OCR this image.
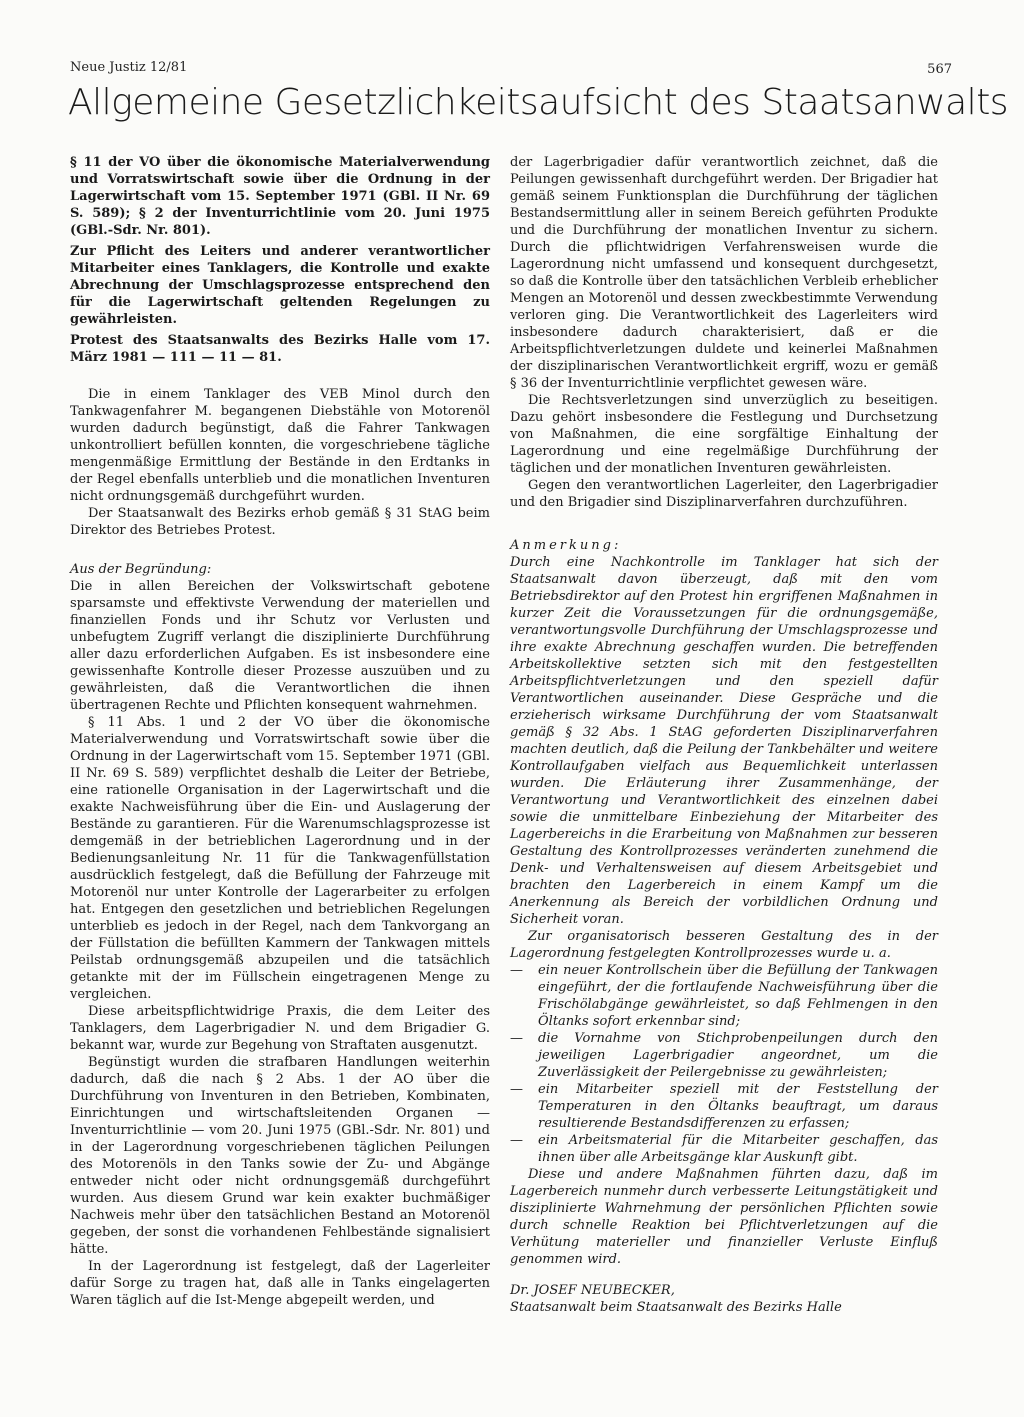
Neue Justiz 12/81	567
Allgemeine Gesetzlichkeitsaufsicht des Staatsanwalts

§ 11 der VO über die ökonomische Materialverwendung und Vorratswirtschaft sowie über die Ordnung in der Lagerwirtschaft vom 15. September 1971 (GBl. II Nr. 69 S. 589); § 2 der Inventurrichtlinie vom 20. Juni 1975 (GBl.-Sdr. Nr. 801).

Zur Pflicht des Leiters und anderer verantwortlicher Mitarbeiter eines Tanklagers, die Kontrolle und exakte Abrechnung der Umschlagsprozesse entsprechend den für die Lagerwirtschaft geltenden Regelungen zu gewährleisten.

Protest des Staatsanwalts des Bezirks Halle vom 17. März 1981 — 111 — 11 — 81.

Die in einem Tanklager des VEB Minol durch den Tankwagenfahrer M. begangenen Diebstähle von Motorenöl wurden dadurch begünstigt, daß die Fahrer Tankwagen unkontrolliert befüllen konnten, die vorgeschriebene tägliche mengenmäßige Ermittlung der Bestände in den Erdtanks in der Regel ebenfalls unterblieb und die monatlichen Inventuren nicht ordnungsgemäß durchgeführt wurden.

Der Staatsanwalt des Bezirks erhob gemäß § 31 StAG beim Direktor des Betriebes Protest.

Aus der Begründung:

Die in allen Bereichen der Volkswirtschaft gebotene sparsamste und effektivste Verwendung der materiellen und finanziellen Fonds und ihr Schutz vor Verlusten und unbefugtem Zugriff verlangt die disziplinierte Durchführung aller dazu erforderlichen Aufgaben. Es ist insbesondere eine gewissenhafte Kontrolle dieser Prozesse auszuüben und zu gewährleisten, daß die Verantwortlichen die ihnen übertragenen Rechte und Pflichten konsequent wahrnehmen.

§ 11 Abs. 1 und 2 der VO über die ökonomische Materialverwendung und Vorratswirtschaft sowie über die Ordnung in der Lagerwirtschaft vom 15. September 1971 (GBl. II Nr. 69 S. 589) verpflichtet deshalb die Leiter der Betriebe, eine rationelle Organisation in der Lagerwirtschaft und die exakte Nachweisführung über die Ein- und Auslagerung der Bestände zu garantieren. Für die Warenumschlagsprozesse ist demgemäß in der betrieblichen Lagerordnung und in der Bedienungsanleitung Nr. 11 für die Tankwagenfüllstation ausdrücklich festgelegt, daß die Befüllung der Fahrzeuge mit Motorenöl nur unter Kontrolle der Lagerarbeiter zu erfolgen hat. Entgegen den gesetzlichen und betrieblichen Regelungen unterblieb es jedoch in der Regel, nach dem Tankvorgang an der Füllstation die befüllten Kammern der Tankwagen mittels Peilstab ordnungsgemäß abzupeilen und die tatsächlich getankte mit der im Füllschein eingetragenen Menge zu vergleichen.

Diese arbeitspflichtwidrige Praxis, die dem Leiter des Tanklagers, dem Lagerbrigadier N. und dem Brigadier G. bekannt war, wurde zur Begehung von Straftaten ausgenutzt.

Begünstigt wurden die strafbaren Handlungen weiterhin dadurch, daß die nach § 2 Abs. 1 der AO über die Durchführung von Inventuren in den Betrieben, Kombinaten, Einrichtungen und wirtschaftsleitenden Organen — Inventurrichtlinie — vom 20. Juni 1975 (GBl.-Sdr. Nr. 801) und in der Lagerordnung vorgeschriebenen täglichen Peilungen des Motorenöls in den Tanks sowie der Zu- und Abgänge entweder nicht oder nicht ordnungsgemäß durchgeführt wurden. Aus diesem Grund war kein exakter buchmäßiger Nachweis mehr über den tatsächlichen Bestand an Motorenöl gegeben, der sonst die vorhandenen Fehlbestände signalisiert hätte.

In der Lagerordnung ist festgelegt, daß der Lagerleiter dafür Sorge zu tragen hat, daß alle in Tanks eingelagerten Waren täglich auf die Ist-Menge abgepeilt werden, und

der Lagerbrigadier dafür verantwortlich zeichnet, daß die Peilungen gewissenhaft durchgeführt werden. Der Brigadier hat gemäß seinem Funktionsplan die Durchführung der täglichen Bestandsermittlung aller in seinem Bereich geführten Produkte und die Durchführung der monatlichen Inventur zu sichern. Durch die pflichtwidrigen Verfahrensweisen wurde die Lagerordnung nicht umfassend und konsequent durchgesetzt, so daß die Kontrolle über den tatsächlichen Verbleib erheblicher Mengen an Motorenöl und dessen zweckbestimmte Verwendung verloren ging. Die Verantwortlichkeit des Lagerleiters wird insbesondere dadurch charakterisiert, daß er die Arbeitspflichtverletzungen duldete und keinerlei Maßnahmen der disziplinarischen Verantwortlichkeit ergriff, wozu er gemäß § 36 der Inventurrichtlinie verpflichtet gewesen wäre.

Die Rechtsverletzungen sind unverzüglich zu beseitigen. Dazu gehört insbesondere die Festlegung und Durchsetzung von Maßnahmen, die eine sorgfältige Einhaltung der Lagerordnung und eine regelmäßige Durchführung der täglichen und der monatlichen Inventuren gewährleisten.

Gegen den verantwortlichen Lagerleiter, den Lagerbrigadier und den Brigadier sind Disziplinarverfahren durchzuführen.

Anmerkung:

Durch eine Nachkontrolle im Tanklager hat sich der Staatsanwalt davon überzeugt, daß mit den vom Betriebsdirektor auf den Protest hin ergriffenen Maßnahmen in kurzer Zeit die Voraussetzungen für die ordnungsgemäße, verantwortungsvolle Durchführung der Umschlagsprozesse und ihre exakte Abrechnung geschaffen wurden. Die betreffenden Arbeitskollektive setzten sich mit den festgestellten Arbeitspflichtverletzungen und den speziell dafür Verantwortlichen auseinander. Diese Gespräche und die erzieherisch wirksame Durchführung der vom Staatsanwalt gemäß § 32 Abs. 1 StAG geforderten Disziplinarverfahren machten deutlich, daß die Peilung der Tankbehälter und weitere Kontrollaufgaben vielfach aus Bequemlichkeit unterlassen wurden. Die Erläuterung ihrer Zusammenhänge, der Verantwortung und Verantwortlichkeit des einzelnen dabei sowie die unmittelbare Einbeziehung der Mitarbeiter des Lagerbereichs in die Erarbeitung von Maßnahmen zur besseren Gestaltung des Kontrollprozesses veränderten zunehmend die Denk- und Verhaltensweisen auf diesem Arbeitsgebiet und brachten den Lagerbereich in einem Kampf um die Anerkennung als Bereich der vorbildlichen Ordnung und Sicherheit voran.

Zur organisatorisch besseren Gestaltung des in der Lagerordnung festgelegten Kontrollprozesses wurde u. a.

— ein neuer Kontrollschein über die Befüllung der Tankwagen eingeführt, der die fortlaufende Nachweisführung über die Frischölabgänge gewährleistet, so daß Fehlmengen in den Öltanks sofort erkennbar sind;
— die Vornahme von Stichprobenpeilungen durch den jeweiligen Lagerbrigadier angeordnet, um die Zuverlässigkeit der Peilergebnisse zu gewährleisten;
— ein Mitarbeiter speziell mit der Feststellung der Temperaturen in den Öltanks beauftragt, um daraus resultierende Bestandsdifferenzen zu erfassen;
— ein Arbeitsmaterial für die Mitarbeiter geschaffen, das ihnen über alle Arbeitsgänge klar Auskunft gibt.

Diese und andere Maßnahmen führten dazu, daß im Lagerbereich nunmehr durch verbesserte Leitungstätigkeit und disziplinierte Wahrnehmung der persönlichen Pflichten sowie durch schnelle Reaktion bei Pflichtverletzungen auf die Verhütung materieller und finanzieller Verluste Einfluß genommen wird.

Dr. JOSEF NEUBECKER,

Staatsanwalt beim Staatsanwalt des Bezirks Halle
